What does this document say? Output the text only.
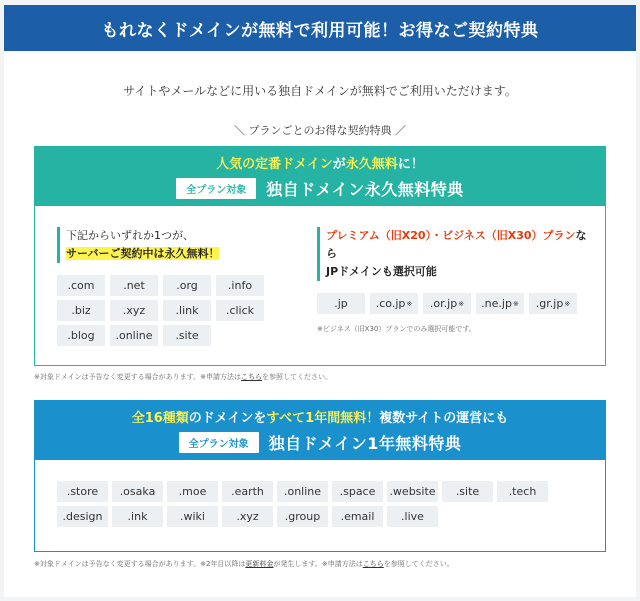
もれなくドメインが無料で利用可能！お得なご契約特典
サイトやメールなどに用いる独自ドメインが無料でご利用いただけます。
＼ プランごとのお得な契約特典 ／
人気の定番ドメインが永久無料に！
全プラン対象	独自ドメイン永久無料特典
下記からいずれか1つが、
サーバーご契約中は永久無料！
.com	.net	.org	.info
.biz	.xyz	.link .click
.blog .online .site
プレミアム（旧X20）・ビジネス（旧X30）プランなら
JPドメインも選択可能
.jp	.co.jp ※ .or.jp ※ .ne.jp ※ .gr.jp ※
※ビジネス（旧X30）プランでのみ選択可能です。
※対象ドメインは予告なく変更する場合があります。※申請方法はこちらを参照してください。
全16種類のドメインをすべて1年間無料！複数サイトの運営にも
全プラン対象	独自ドメイン1年無料特典
.store .osaka .moe .earth .online .space .website .site	.tech
.design .ink	.wiki	.xyz .group .email .live
※対象ドメインは予告なく変更する場合があります。※2年目以降は更新料金が発生します。※申請方法はこちらを参照してください。
